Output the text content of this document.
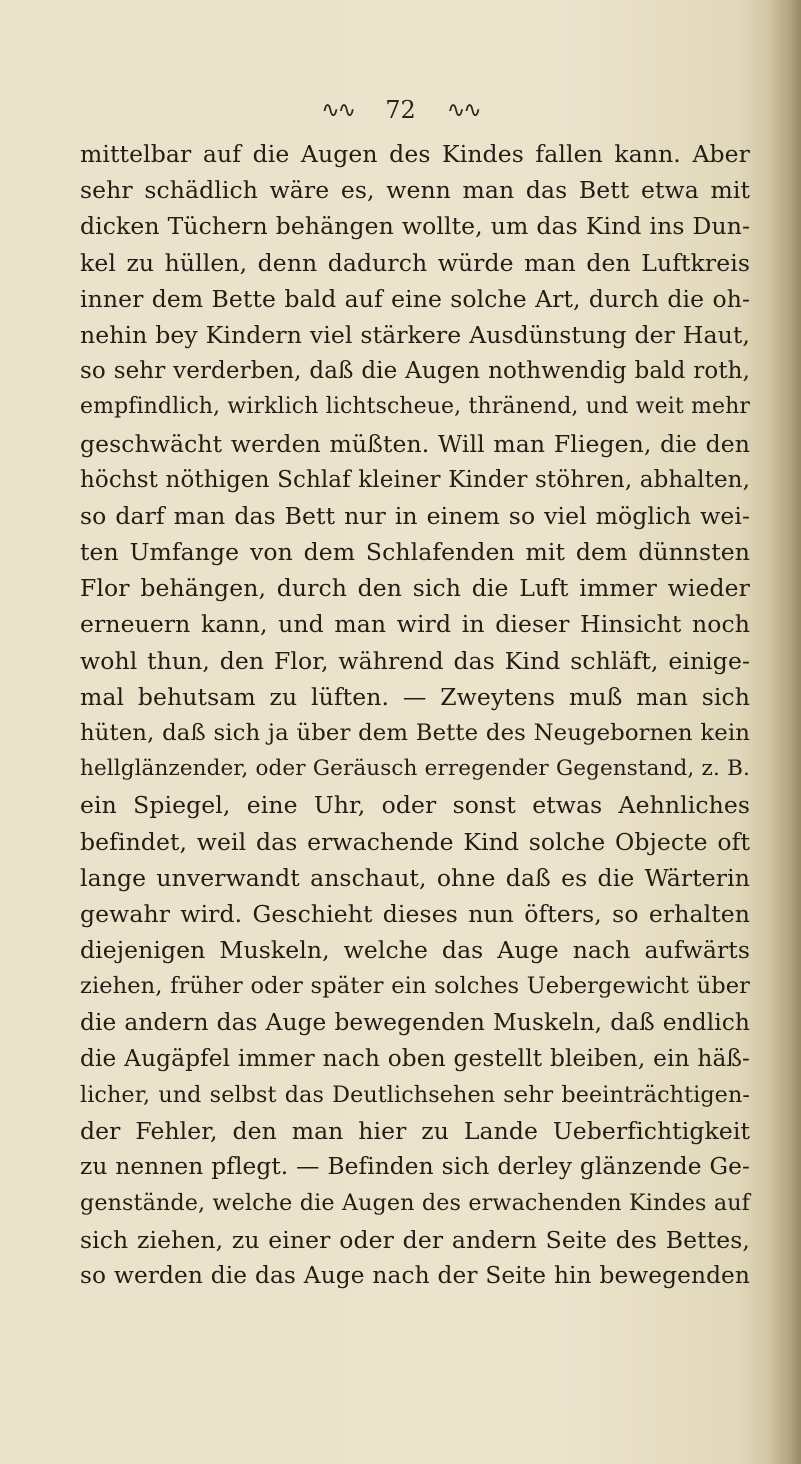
∿∿ 72 ∿∿
mittelbar auf die Augen des Kindes fallen kann. Aber
sehr schädlich wäre es, wenn man das Bett etwa mit
dicken Tüchern behängen wollte, um das Kind ins Dun-
kel zu hüllen, denn dadurch würde man den Luftkreis
inner dem Bette bald auf eine solche Art, durch die oh-
nehin bey Kindern viel stärkere Ausdünstung der Haut,
so sehr verderben, daß die Augen nothwendig bald roth,
empfindlich, wirklich lichtscheue, thränend, und weit mehr
geschwächt werden müßten. Will man Fliegen, die den
höchst nöthigen Schlaf kleiner Kinder stöhren, abhalten,
so darf man das Bett nur in einem so viel möglich wei-
ten Umfange von dem Schlafenden mit dem dünnsten
Flor behängen, durch den sich die Luft immer wieder
erneuern kann, und man wird in dieser Hinsicht noch
wohl thun, den Flor, während das Kind schläft, einige-
mal behutsam zu lüften. — Zweytens muß man sich
hüten, daß sich ja über dem Bette des Neugebornen kein
hellglänzender, oder Geräusch erregender Gegenstand, z. B.
ein Spiegel, eine Uhr, oder sonst etwas Aehnliches
befindet, weil das erwachende Kind solche Objecte oft
lange unverwandt anschaut, ohne daß es die Wärterin
gewahr wird. Geschieht dieses nun öfters, so erhalten
diejenigen Muskeln, welche das Auge nach aufwärts
ziehen, früher oder später ein solches Uebergewicht über
die andern das Auge bewegenden Muskeln, daß endlich
die Augäpfel immer nach oben gestellt bleiben, ein häß-
licher, und selbst das Deutlichsehen sehr beeinträchtigen-
der Fehler, den man hier zu Lande Ueberfichtigkeit
zu nennen pflegt. — Befinden sich derley glänzende Ge-
genstände, welche die Augen des erwachenden Kindes auf
sich ziehen, zu einer oder der andern Seite des Bettes,
so werden die das Auge nach der Seite hin bewegenden
